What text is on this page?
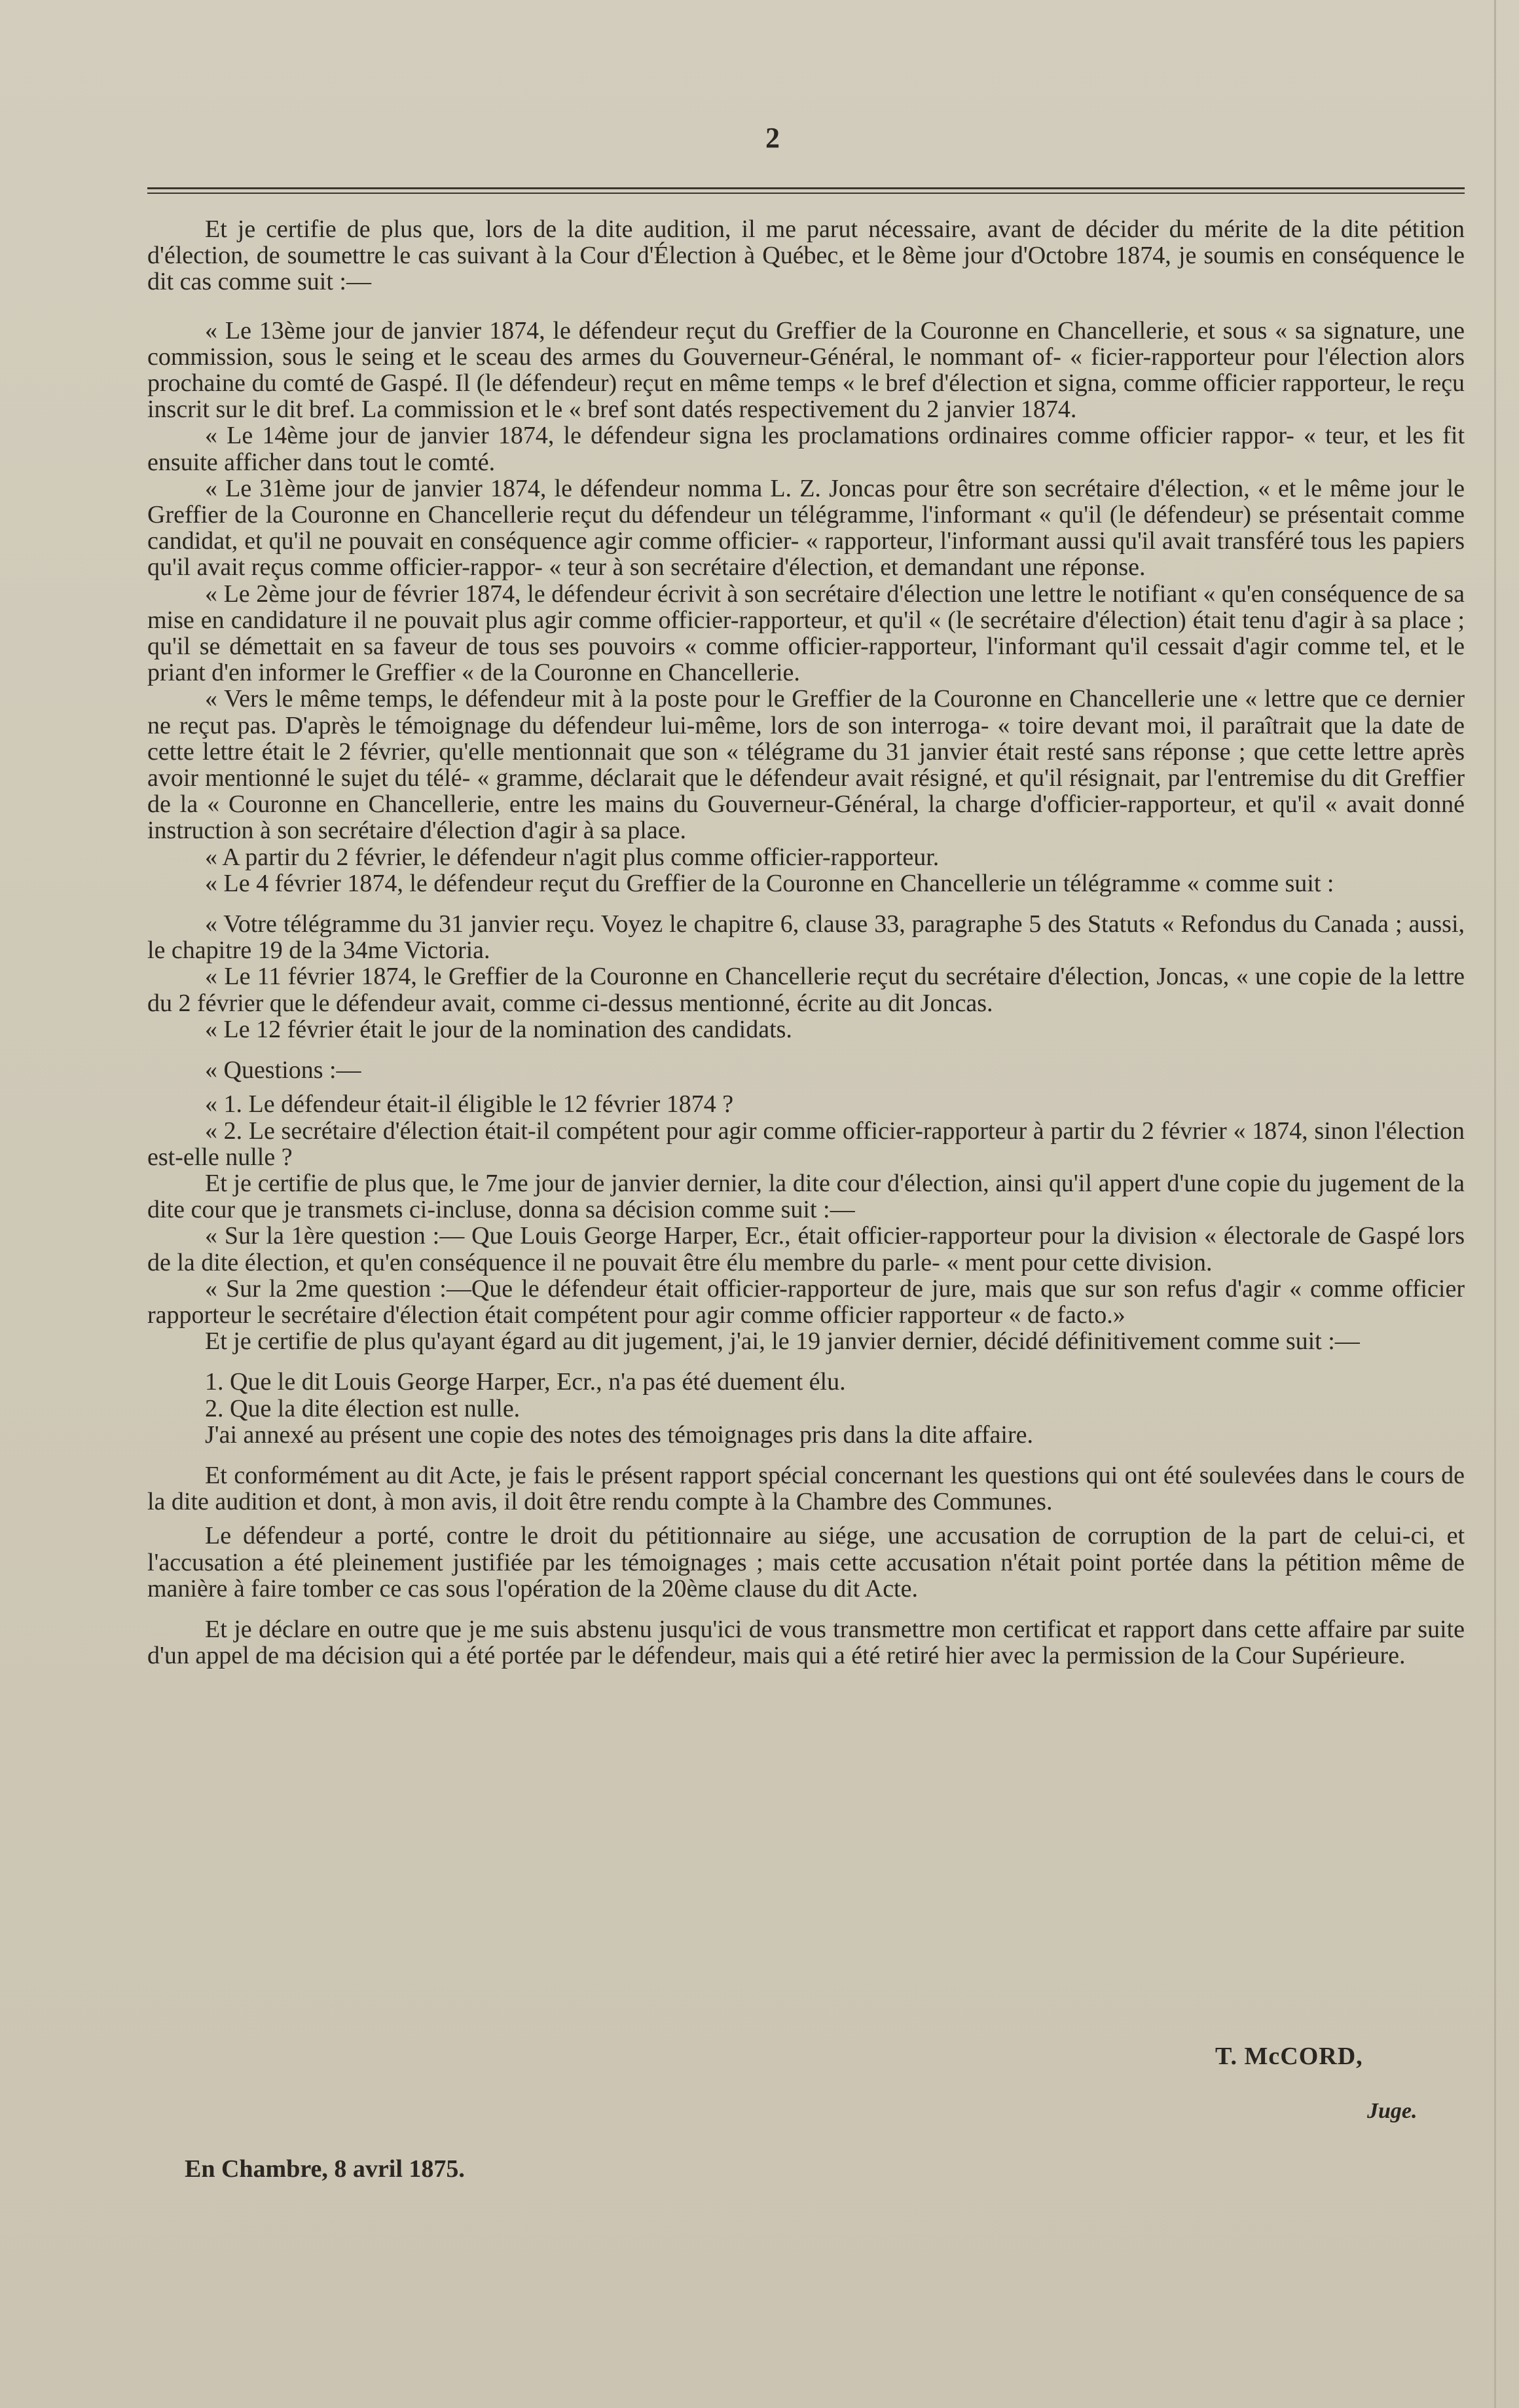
2

Et je certifie de plus que, lors de la dite audition, il me parut nécessaire, avant de décider du mérite de la dite pétition d'élection, de soumettre le cas suivant à la Cour d'Élection à Québec, et le 8ème jour d'Octobre 1874, je soumis en conséquence le dit cas comme suit :—

« Le 13ème jour de janvier 1874, le défendeur reçut du Greffier de la Couronne en Chancellerie, et sous « sa signature, une commission, sous le seing et le sceau des armes du Gouverneur-Général, le nommant of- « ficier-rapporteur pour l'élection alors prochaine du comté de Gaspé. Il (le défendeur) reçut en même temps « le bref d'élection et signa, comme officier rapporteur, le reçu inscrit sur le dit bref. La commission et le « bref sont datés respectivement du 2 janvier 1874.

« Le 14ème jour de janvier 1874, le défendeur signa les proclamations ordinaires comme officier rappor- « teur, et les fit ensuite afficher dans tout le comté.

« Le 31ème jour de janvier 1874, le défendeur nomma L. Z. Joncas pour être son secrétaire d'élection, « et le même jour le Greffier de la Couronne en Chancellerie reçut du défendeur un télégramme, l'informant « qu'il (le défendeur) se présentait comme candidat, et qu'il ne pouvait en conséquence agir comme officier- « rapporteur, l'informant aussi qu'il avait transféré tous les papiers qu'il avait reçus comme officier-rappor- « teur à son secrétaire d'élection, et demandant une réponse.

« Le 2ème jour de février 1874, le défendeur écrivit à son secrétaire d'élection une lettre le notifiant « qu'en conséquence de sa mise en candidature il ne pouvait plus agir comme officier-rapporteur, et qu'il « (le secrétaire d'élection) était tenu d'agir à sa place ; qu'il se démettait en sa faveur de tous ses pouvoirs « comme officier-rapporteur, l'informant qu'il cessait d'agir comme tel, et le priant d'en informer le Greffier « de la Couronne en Chancellerie.

« Vers le même temps, le défendeur mit à la poste pour le Greffier de la Couronne en Chancellerie une « lettre que ce dernier ne reçut pas. D'après le témoignage du défendeur lui-même, lors de son interroga- « toire devant moi, il paraîtrait que la date de cette lettre était le 2 février, qu'elle mentionnait que son « télégrame du 31 janvier était resté sans réponse ; que cette lettre après avoir mentionné le sujet du télé- « gramme, déclarait que le défendeur avait résigné, et qu'il résignait, par l'entremise du dit Greffier de la « Couronne en Chancellerie, entre les mains du Gouverneur-Général, la charge d'officier-rapporteur, et qu'il « avait donné instruction à son secrétaire d'élection d'agir à sa place.

« A partir du 2 février, le défendeur n'agit plus comme officier-rapporteur.

« Le 4 février 1874, le défendeur reçut du Greffier de la Couronne en Chancellerie un télégramme « comme suit :

« Votre télégramme du 31 janvier reçu. Voyez le chapitre 6, clause 33, paragraphe 5 des Statuts « Refondus du Canada ; aussi, le chapitre 19 de la 34me Victoria.

« Le 11 février 1874, le Greffier de la Couronne en Chancellerie reçut du secrétaire d'élection, Joncas, « une copie de la lettre du 2 février que le défendeur avait, comme ci-dessus mentionné, écrite au dit Joncas.

« Le 12 février était le jour de la nomination des candidats.

« Questions :—

« 1. Le défendeur était-il éligible le 12 février 1874 ?

« 2. Le secrétaire d'élection était-il compétent pour agir comme officier-rapporteur à partir du 2 février « 1874, sinon l'élection est-elle nulle ?

Et je certifie de plus que, le 7me jour de janvier dernier, la dite cour d'élection, ainsi qu'il appert d'une copie du jugement de la dite cour que je transmets ci-incluse, donna sa décision comme suit :—

« Sur la 1ère question :— Que Louis George Harper, Ecr., était officier-rapporteur pour la division « électorale de Gaspé lors de la dite élection, et qu'en conséquence il ne pouvait être élu membre du parle- « ment pour cette division.

« Sur la 2me question :—Que le défendeur était officier-rapporteur de jure, mais que sur son refus d'agir « comme officier rapporteur le secrétaire d'élection était compétent pour agir comme officier rapporteur « de facto.»

Et je certifie de plus qu'ayant égard au dit jugement, j'ai, le 19 janvier dernier, décidé définitivement comme suit :—

1. Que le dit Louis George Harper, Ecr., n'a pas été duement élu.

2. Que la dite élection est nulle.

J'ai annexé au présent une copie des notes des témoignages pris dans la dite affaire.

Et conformément au dit Acte, je fais le présent rapport spécial concernant les questions qui ont été soulevées dans le cours de la dite audition et dont, à mon avis, il doit être rendu compte à la Chambre des Communes.

Le défendeur a porté, contre le droit du pétitionnaire au siége, une accusation de corruption de la part de celui-ci, et l'accusation a été pleinement justifiée par les témoignages ; mais cette accusation n'était point portée dans la pétition même de manière à faire tomber ce cas sous l'opération de la 20ème clause du dit Acte.

Et je déclare en outre que je me suis abstenu jusqu'ici de vous transmettre mon certificat et rapport dans cette affaire par suite d'un appel de ma décision qui a été portée par le défendeur, mais qui a été retiré hier avec la permission de la Cour Supérieure.

T. McCORD,
Juge.
En Chambre, 8 avril 1875.
